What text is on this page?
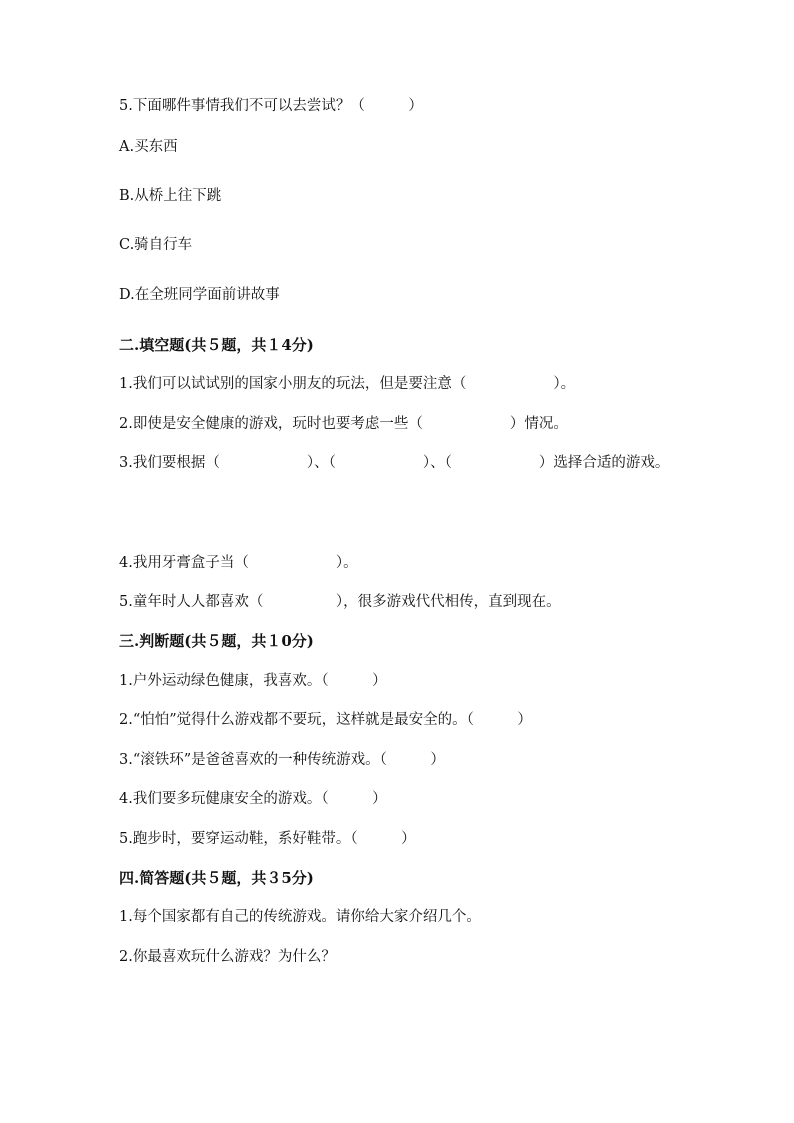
5.下面哪件事情我们不可以去尝试？（　　　）
A.买东西
B.从桥上往下跳
C.骑自行车
D.在全班同学面前讲故事
二.填空题(共５题，共１4分)
1.我们可以试试别的国家小朋友的玩法，但是要注意（　　　　　　）。
2.即使是安全健康的游戏，玩时也要考虑一些（　　　　　　）情况。
3.我们要根据（　　　　　　）、（　　　　　　）、（　　　　　　）选择合适的游戏。
4.我用牙膏盒子当（　　　　　　）。
5.童年时人人都喜欢（　　　　　），很多游戏代代相传，直到现在。
三.判断题(共５题，共１0分)
1.户外运动绿色健康，我喜欢。（　　　）
2.“怕怕”觉得什么游戏都不要玩，这样就是最安全的。（　　　）
3.“滚铁环”是爸爸喜欢的一种传统游戏。（　　　）
4.我们要多玩健康安全的游戏。（　　　）
5.跑步时，要穿运动鞋，系好鞋带。（　　　）
四.简答题(共５题，共３5分)
1.每个国家都有自己的传统游戏。请你给大家介绍几个。
2.你最喜欢玩什么游戏？为什么？
